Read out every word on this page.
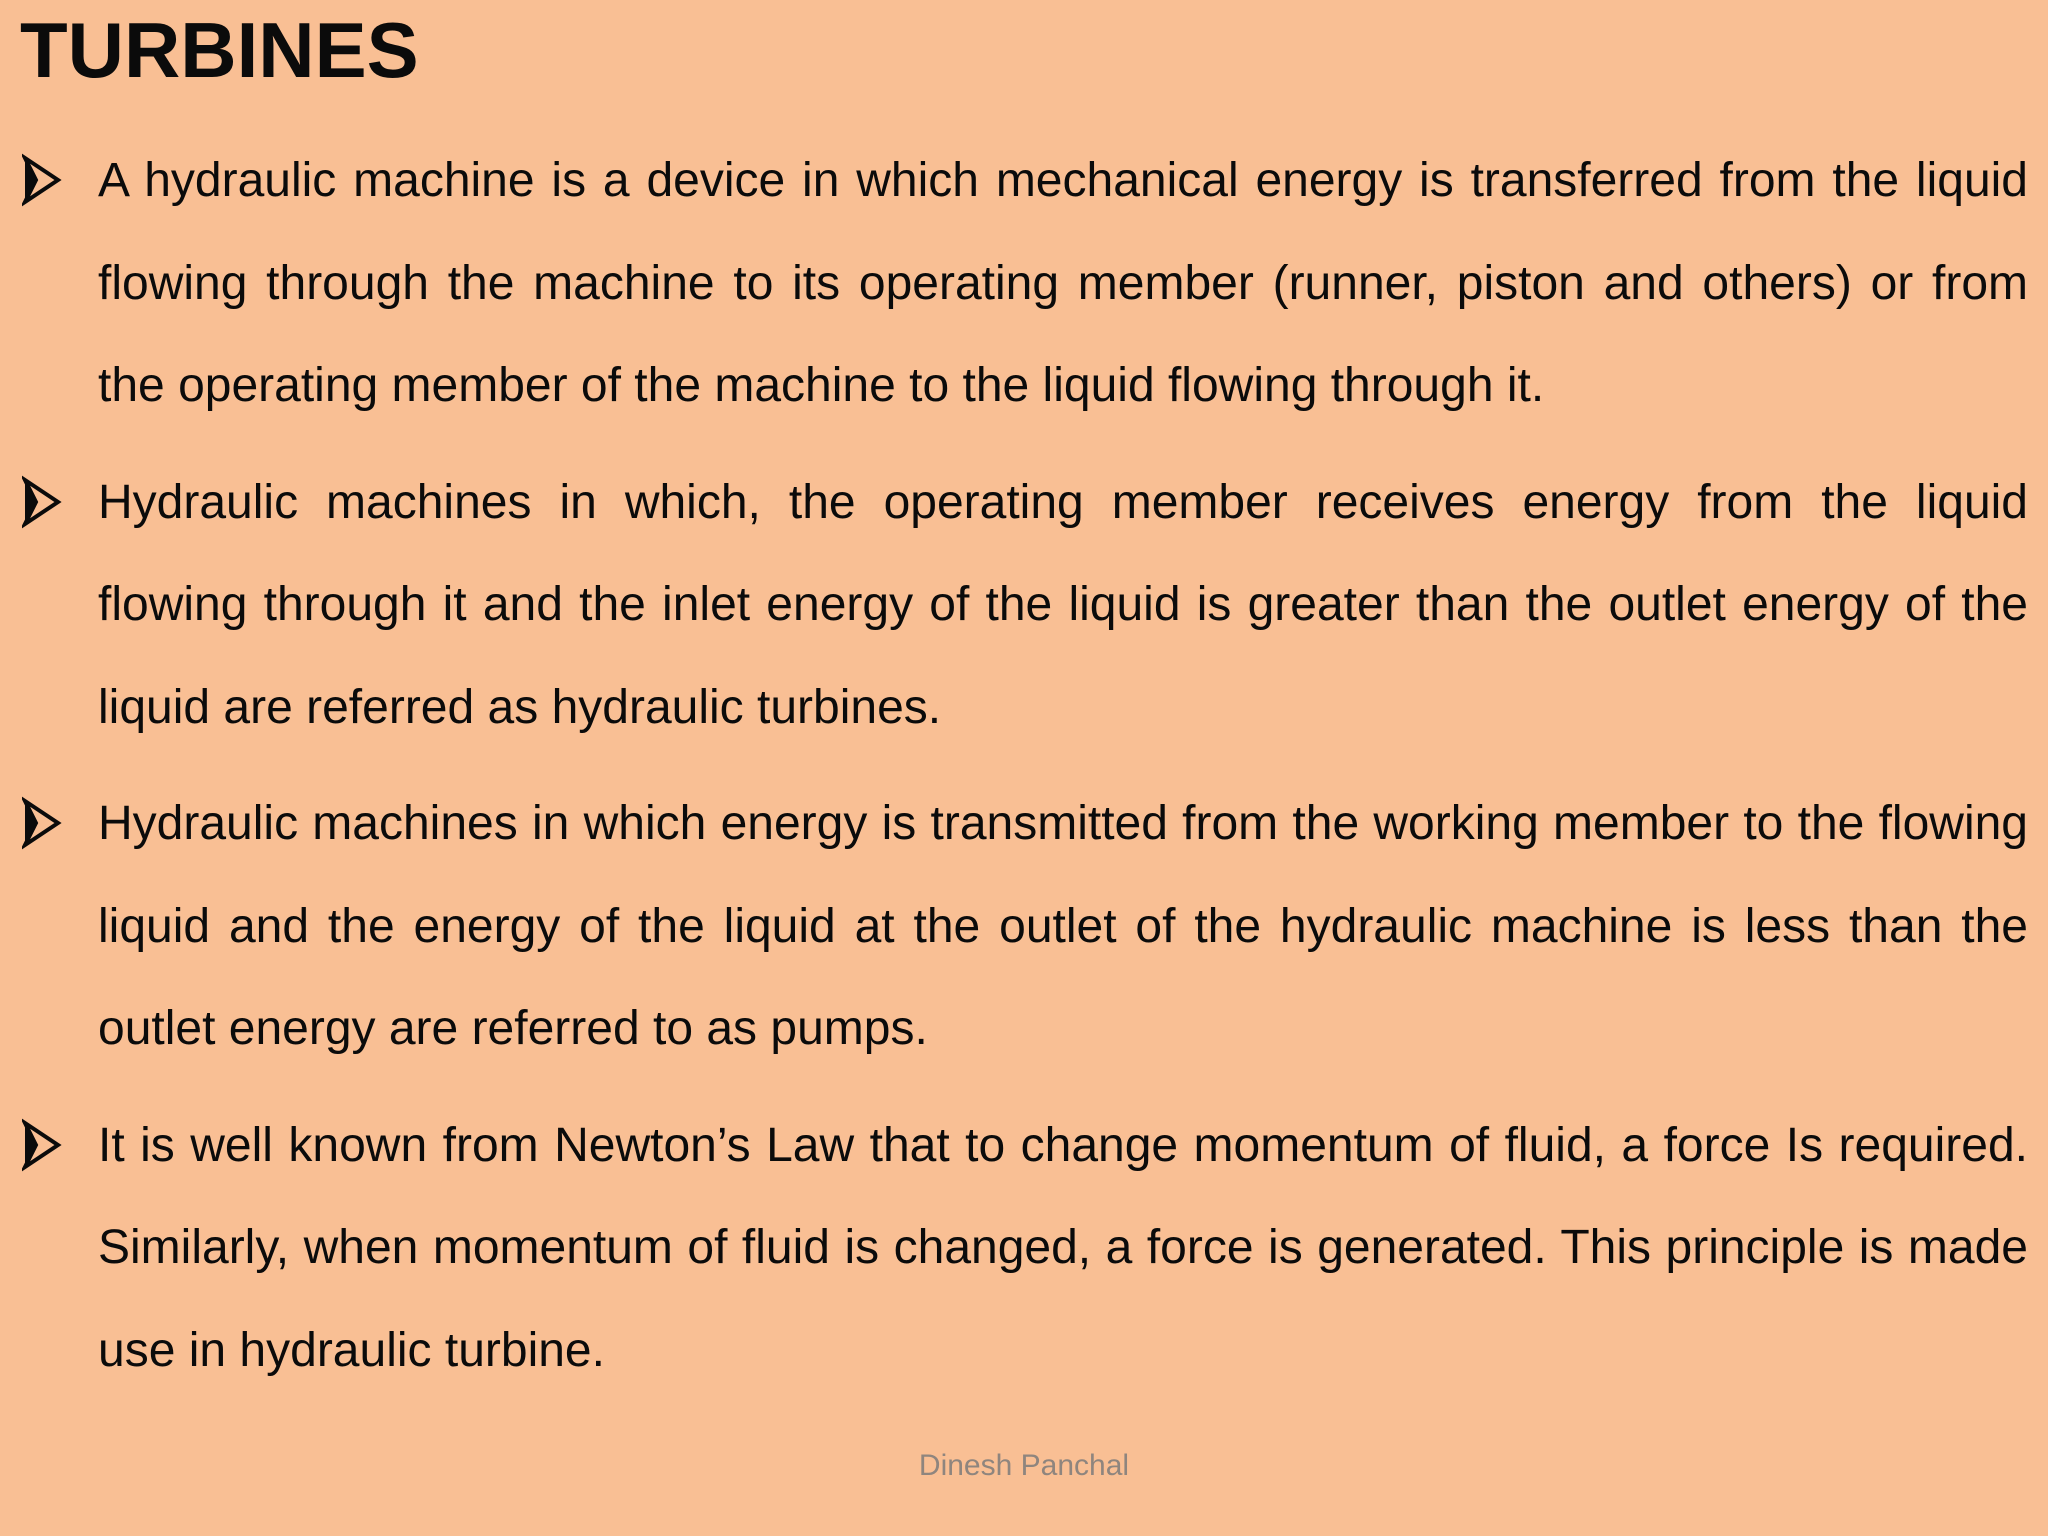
TURBINES
A hydraulic machine is a device in which mechanical energy is transferred from the liquid flowing through the machine to its operating member (runner, piston and others) or from the operating member of the machine to the liquid flowing through it.
Hydraulic machines in which, the operating member receives energy from the liquid flowing through it and the inlet energy of the liquid is greater than the outlet energy of the liquid are referred as hydraulic turbines.
Hydraulic machines in which energy is transmitted from the working member to the flowing liquid and the energy of the liquid at the outlet of the hydraulic machine is less than the outlet energy are referred to as pumps.
It is well known from Newton’s Law that to change momentum of fluid, a force Is required. Similarly, when momentum of fluid is changed, a force is generated. This principle is made use in hydraulic turbine.
Dinesh Panchal
